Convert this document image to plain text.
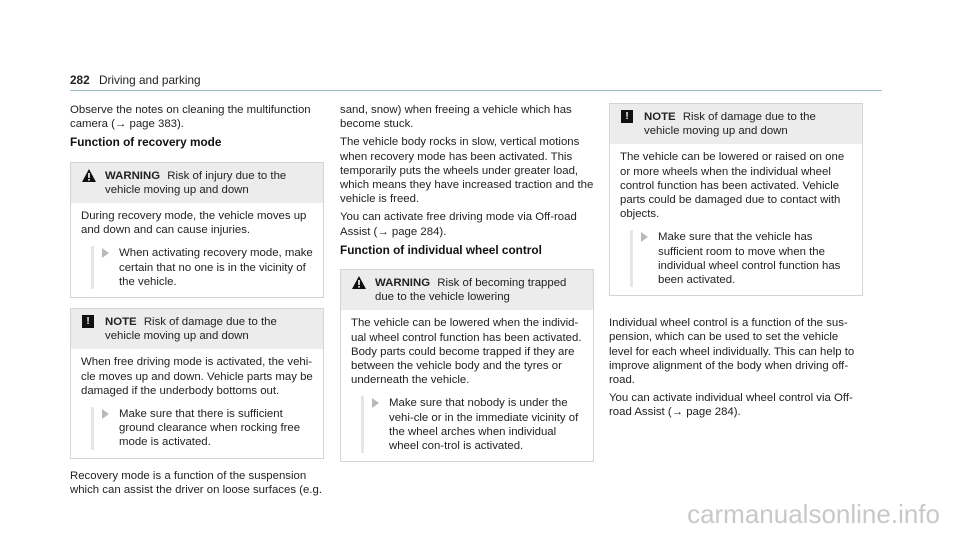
282 Driving and parking

Observe the notes on cleaning the multifunction camera (→ page 383).

Function of recovery mode
WARNING Risk of injury due to the vehicle moving up and down

During recovery mode, the vehicle moves up and down and can cause injuries.

When activating recovery mode, make certain that no one is in the vicinity of the vehicle.
!	NOTE Risk of damage due to the vehicle moving up and down

When free driving mode is activated, the vehi-cle moves up and down. Vehicle parts may be damaged if the underbody bottoms out.

Make sure that there is sufficient ground clearance when rocking free mode is activated.

Recovery mode is a function of the suspension which can assist the driver on loose surfaces (e.g.

sand, snow) when freeing a vehicle which has become stuck.

The vehicle body rocks in slow, vertical motions when recovery mode has been activated. This temporarily puts the wheels under greater load, which means they have increased traction and the vehicle is freed.

You can activate free driving mode via Off-road Assist (→ page 284).

Function of individual wheel control
WARNING Risk of becoming trapped due to the vehicle lowering

The vehicle can be lowered when the individ-ual wheel control function has been activated. Body parts could become trapped if they are between the vehicle body and the tyres or underneath the vehicle.

Make sure that nobody is under the vehi-cle or in the immediate vicinity of the wheel arches when individual wheel con-trol is activated.
!	NOTE Risk of damage due to the vehicle moving up and down

The vehicle can be lowered or raised on one or more wheels when the individual wheel control function has been activated. Vehicle parts could be damaged due to contact with objects.

Make sure that the vehicle has sufficient room to move when the individual wheel control function has been activated.

Individual wheel control is a function of the sus-pension, which can be used to set the vehicle level for each wheel individually. This can help to improve alignment of the body when driving off-road.

You can activate individual wheel control via Off-road Assist (→ page 284).

carmanualsonline.info
